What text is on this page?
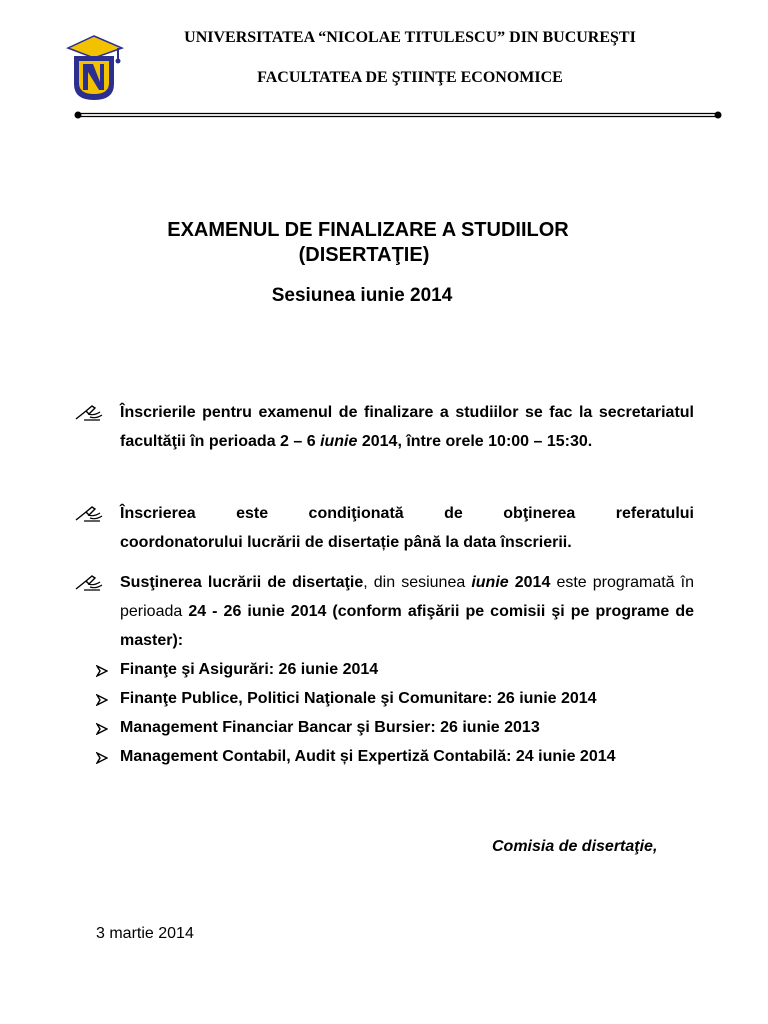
UNIVERSITATEA “NICOLAE TITULESCU” DIN BUCUREŞTI
FACULTATEA DE ŞTIINŢE ECONOMICE
EXAMENUL DE FINALIZARE A STUDIILOR
(DISERTAŢIE)
Sesiunea iunie 2014
Înscrierile pentru examenul de finalizare a studiilor se fac la secretariatul facultăţii în perioada 2 – 6 iunie 2014, între orele 10:00 – 15:30.
Înscrierea este condiţionată de obţinerea referatului
coordonatorului lucrării de disertație până la data înscrierii.
Susţinerea lucrării de disertaţie, din sesiunea iunie 2014 este programată în perioada 24 - 26 iunie 2014 (conform afişării pe comisii şi pe programe de master):
Finanţe şi Asigurări: 26 iunie 2014
Finanţe Publice, Politici Naţionale şi Comunitare: 26 iunie 2014
Management Financiar Bancar şi Bursier: 26 iunie 2013
Management Contabil, Audit și Expertiză Contabilă: 24 iunie 2014
Comisia de disertaţie,
3 martie 2014
